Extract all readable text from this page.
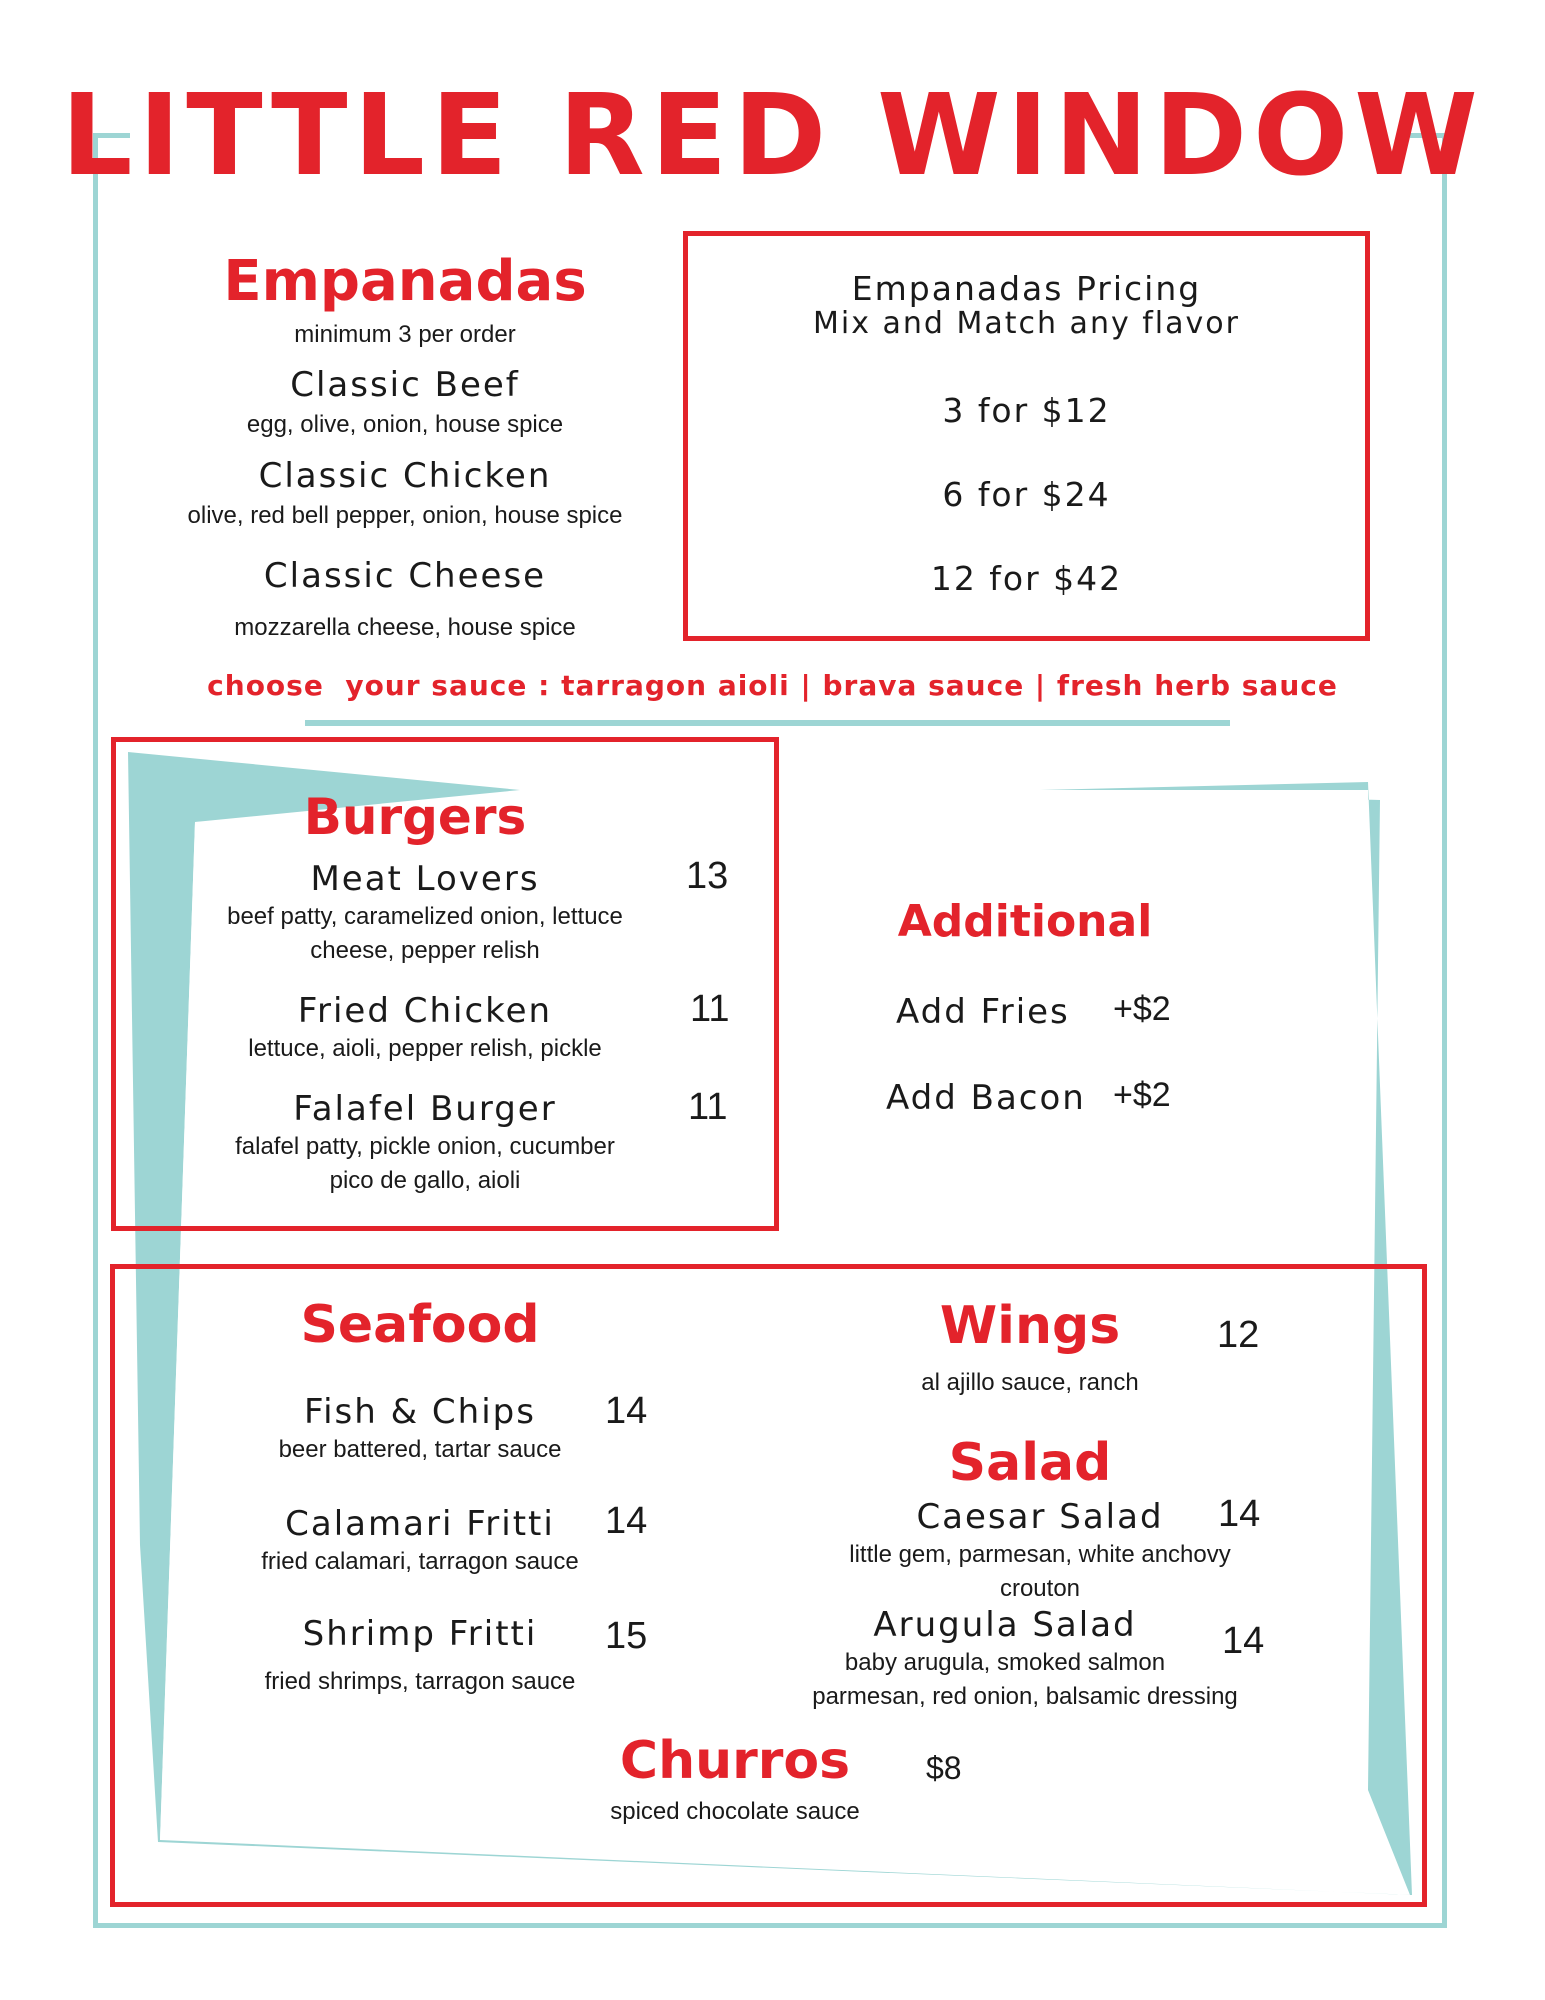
LITTLE RED WINDOW
Empanadas
minimum 3 per order
Classic Beef
egg, olive, onion, house spice
Classic Chicken
olive, red bell pepper, onion, house spice
Classic Cheese
mozzarella cheese, house spice
Empanadas Pricing
Mix and Match any flavor
3 for $12
6 for $24
12 for $42
choose  your sauce : tarragon aioli | brava sauce | fresh herb sauce
Burgers
Meat Lovers
beef patty, caramelized onion, lettuce
cheese, pepper relish
13
Fried Chicken
lettuce, aioli, pepper relish, pickle
11
Falafel Burger
falafel patty, pickle onion, cucumber
pico de gallo, aioli
11
Additional
Add Fries +$2
Add Bacon +$2
Seafood
Fish & Chips
beer battered, tartar sauce
14
Calamari Fritti
fried calamari, tarragon sauce
14
Shrimp Fritti
fried shrimps, tarragon sauce
15
Wings
al ajillo sauce, ranch
12
Salad
Caesar Salad
little gem, parmesan, white anchovy
crouton
14
Arugula Salad
baby arugula, smoked salmon
parmesan, red onion, balsamic dressing
14
Churros
spiced chocolate sauce
$8
